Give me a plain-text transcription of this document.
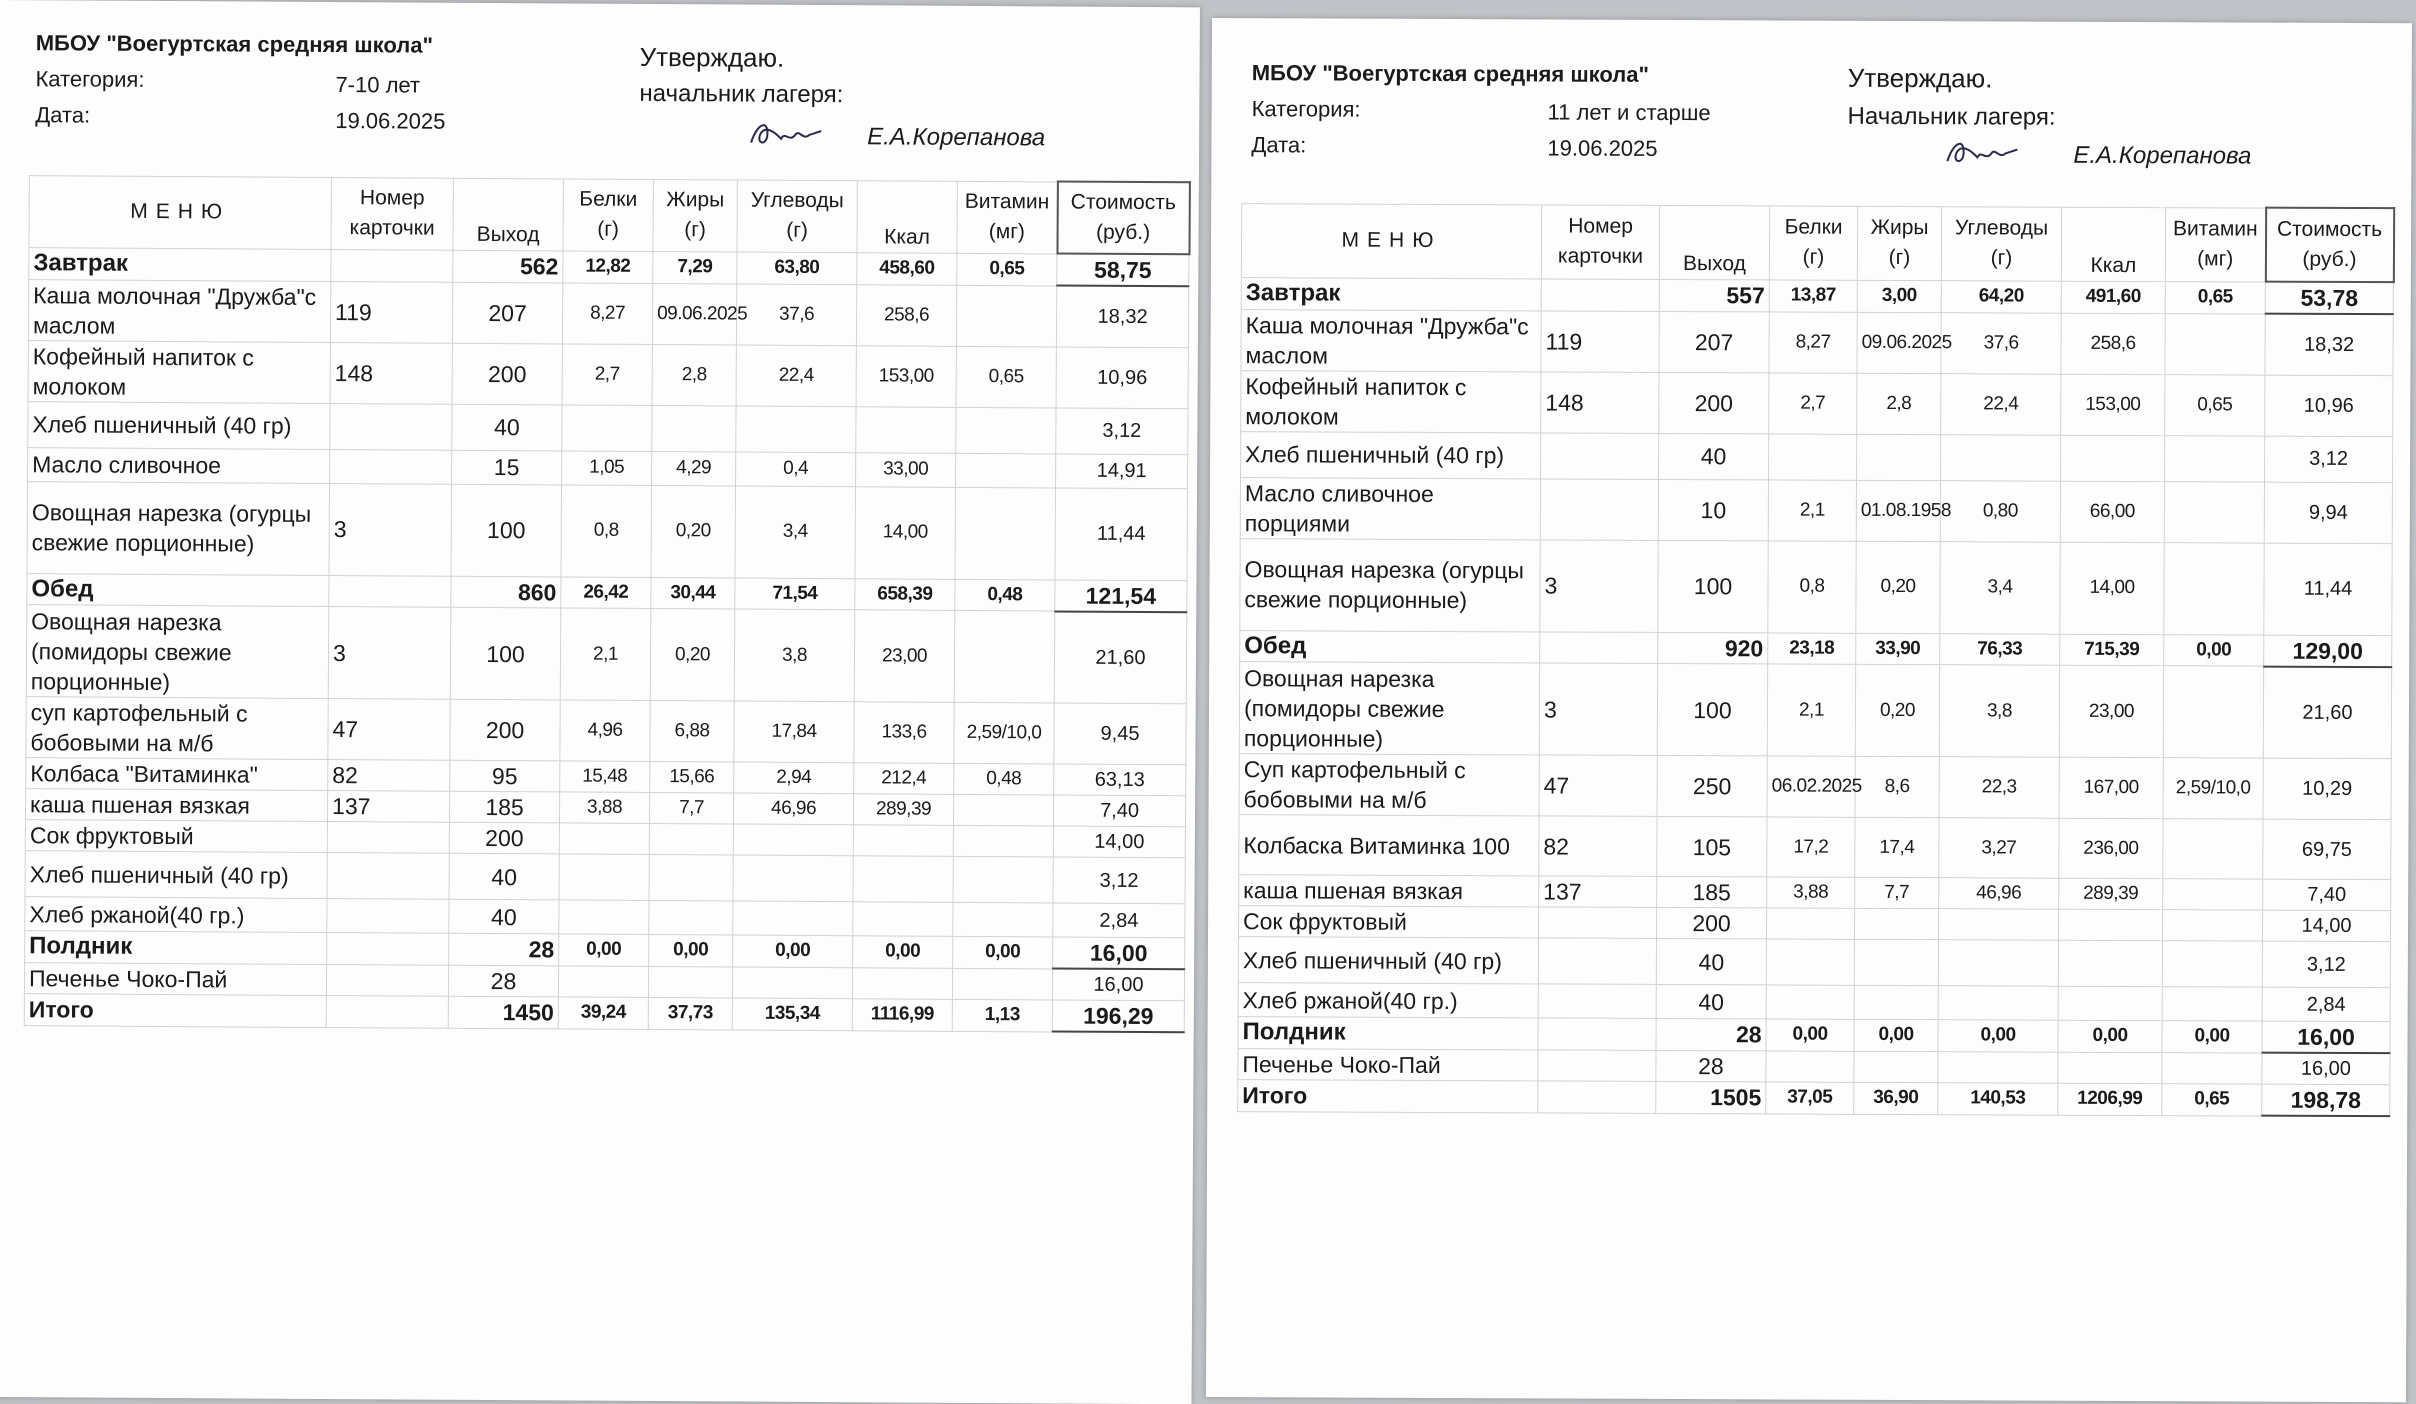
МБОУ "Воегуртская средняя школа"
Категория:	7-10 лет
Дата:	19.06.2025
Утверждаю.
начальник лагеря:
Е.А.Корепанова
МЕНЮ	Номер карточки	Выход	Белки (г)	Жиры (г)	Углеводы (г)	Ккал	Витамин (мг)	Стоимость (руб.)
Завтрак		562	12,82	7,29	63,80	458,60	0,65	58,75
Каша молочная "Дружба"с маслом	119	207	8,27	09.06.2025	37,6	258,6		18,32
Кофейный напиток с молоком	148	200	2,7	2,8	22,4	153,00	0,65	10,96
Хлеб пшеничный (40 гр)		40						3,12
Масло сливочное		15	1,05	4,29	0,4	33,00		14,91
Овощная нарезка (огурцы свежие порционные)	3	100	0,8	0,20	3,4	14,00		11,44
Обед		860	26,42	30,44	71,54	658,39	0,48	121,54
Овощная нарезка (помидоры свежие порционные)	3	100	2,1	0,20	3,8	23,00		21,60
суп картофельный с бобовыми на м/б	47	200	4,96	6,88	17,84	133,6	2,59/10,0	9,45
Колбаса "Витаминка"	82	95	15,48	15,66	2,94	212,4	0,48	63,13
каша пшеная вязкая	137	185	3,88	7,7	46,96	289,39		7,40
Сок фруктовый		200						14,00
Хлеб пшеничный (40 гр)		40						3,12
Хлеб ржаной(40 гр.)		40						2,84
Полдник		28	0,00	0,00	0,00	0,00	0,00	16,00
Печенье Чоко-Пай		28						16,00
Итого		1450	39,24	37,73	135,34	1116,99	1,13	196,29
МБОУ "Воегуртская средняя школа"
Категория:	11 лет и старше
Дата:	19.06.2025
Утверждаю.
Начальник лагеря:
Е.А.Корепанова
МЕНЮ	Номер карточки	Выход	Белки (г)	Жиры (г)	Углеводы (г)	Ккал	Витамин (мг)	Стоимость (руб.)
Завтрак		557	13,87	3,00	64,20	491,60	0,65	53,78
Каша молочная "Дружба"с маслом	119	207	8,27	09.06.2025	37,6	258,6		18,32
Кофейный напиток с молоком	148	200	2,7	2,8	22,4	153,00	0,65	10,96
Хлеб пшеничный (40 гр)		40						3,12
Масло сливочное порциями		10	2,1	01.08.1958	0,80	66,00		9,94
Овощная нарезка (огурцы свежие порционные)	3	100	0,8	0,20	3,4	14,00		11,44
Обед		920	23,18	33,90	76,33	715,39	0,00	129,00
Овощная нарезка (помидоры свежие порционные)	3	100	2,1	0,20	3,8	23,00		21,60
Суп картофельный с бобовыми на м/б	47	250	06.02.2025	8,6	22,3	167,00	2,59/10,0	10,29
Колбаска Витаминка 100	82	105	17,2	17,4	3,27	236,00		69,75
каша пшеная вязкая	137	185	3,88	7,7	46,96	289,39		7,40
Сок фруктовый		200						14,00
Хлеб пшеничный (40 гр)		40						3,12
Хлеб ржаной(40 гр.)		40						2,84
Полдник		28	0,00	0,00	0,00	0,00	0,00	16,00
Печенье Чоко-Пай		28						16,00
Итого		1505	37,05	36,90	140,53	1206,99	0,65	198,78
